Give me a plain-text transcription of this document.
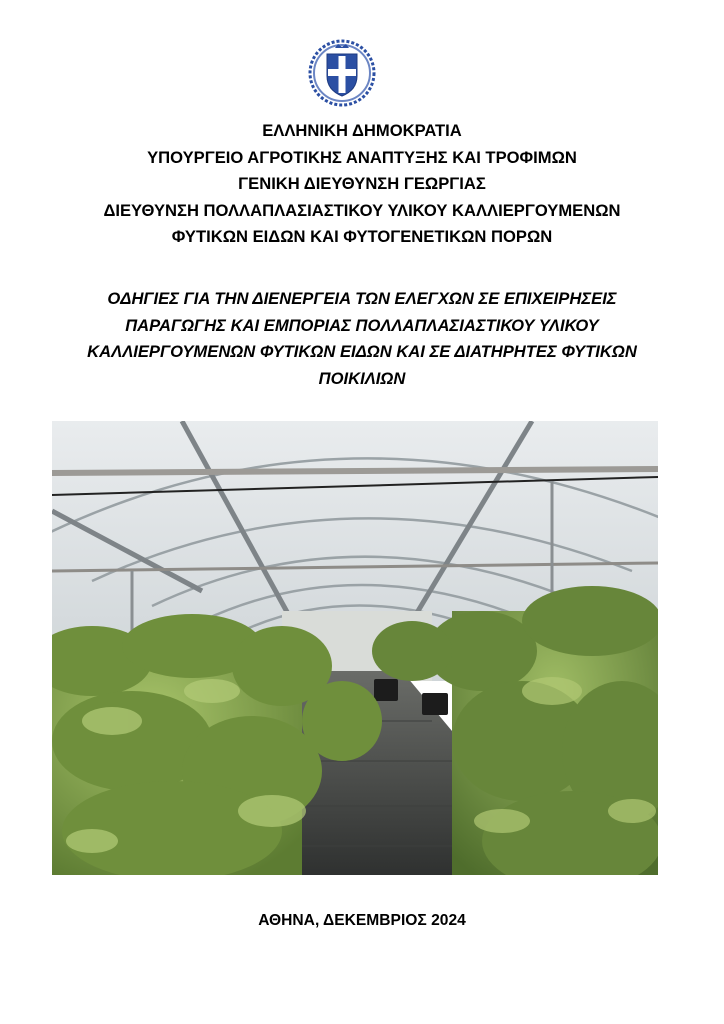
ΕΛΛΗΝΙΚΗ ΔΗΜΟΚΡΑΤΙΑ
ΥΠΟΥΡΓΕΙΟ ΑΓΡΟΤΙΚΗΣ ΑΝΑΠΤΥΞΗΣ ΚΑΙ ΤΡΟΦΙΜΩΝ
ΓΕΝΙΚΗ ΔΙΕΥΘΥΝΣΗ ΓΕΩΡΓΙΑΣ
ΔΙΕΥΘΥΝΣΗ ΠΟΛΛΑΠΛΑΣΙΑΣΤΙΚΟΥ ΥΛΙΚΟΥ ΚΑΛΛΙΕΡΓΟΥΜΕΝΩΝ
ΦΥΤΙΚΩΝ ΕΙΔΩΝ ΚΑΙ ΦΥΤΟΓΕΝΕΤΙΚΩΝ ΠΟΡΩΝ
ΟΔΗΓΙΕΣ ΓΙΑ ΤΗΝ ΔΙΕΝΕΡΓΕΙΑ ΤΩΝ ΕΛΕΓΧΩΝ ΣΕ ΕΠΙΧΕΙΡΗΣΕΙΣ
ΠΑΡΑΓΩΓΗΣ ΚΑΙ ΕΜΠΟΡΙΑΣ ΠΟΛΛΑΠΛΑΣΙΑΣΤΙΚΟΥ ΥΛΙΚΟΥ
ΚΑΛΛΙΕΡΓΟΥΜΕΝΩΝ ΦΥΤΙΚΩΝ ΕΙΔΩΝ ΚΑΙ ΣΕ ΔΙΑΤΗΡΗΤΕΣ ΦΥΤΙΚΩΝ
ΠΟΙΚΙΛΙΩΝ
ΑΘΗΝΑ, ΔΕΚΕΜΒΡΙΟΣ 2024
